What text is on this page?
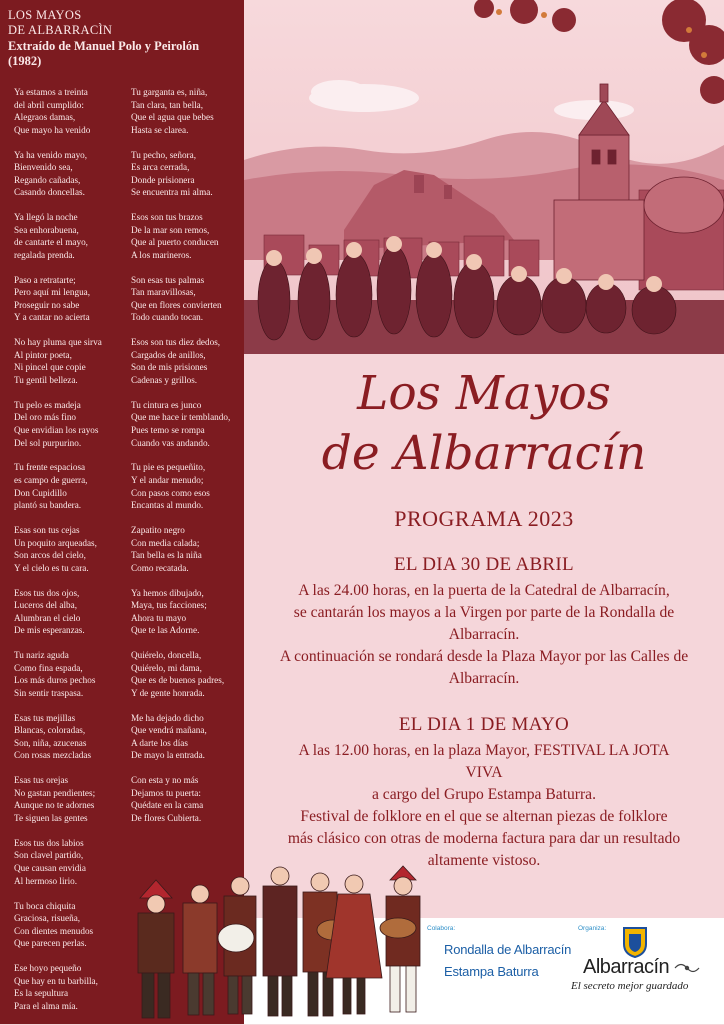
LOS MAYOS
DE ALBARRACÌN
Extraído de Manuel Polo y Peirolón
(1982)
Ya estamos a treinta
del abril cumplido:
Alegraos damas,
Que mayo ha venido
Ya ha venido mayo,
Bienvenido sea,
Regando cañadas,
Casando doncellas.
Ya llegó la noche
Sea enhorabuena,
de cantarte el mayo,
regalada prenda.
Paso a retratarte;
Pero aquí mi lengua,
Proseguir no sabe
Y a cantar no acierta
No hay pluma que sirva
Al pintor poeta,
Ni pincel que copie
Tu gentil belleza.
Tu pelo es madeja
Del oro más fino
Que envidian los rayos
Del sol purpurino.
Tu frente espaciosa
es campo de guerra,
Don Cupidillo
plantó su bandera.
Esas son tus cejas
Un poquito arqueadas,
Son arcos del cielo,
Y el cielo es tu cara.
Esos tus dos ojos,
Luceros del alba,
Alumbran el cielo
De mis esperanzas.
Tu nariz aguda
Como fina espada,
Los más duros pechos
Sin sentir traspasa.
Esas tus mejillas
Blancas, coloradas,
Son, niña, azucenas
Con rosas mezcladas
Esas tus orejas
No gastan pendientes;
Aunque no te adornes
Te siguen las gentes
Esos tus dos labios
Son clavel partido,
Que causan envidia
Al hermoso lirio.
Tu boca chiquita
Graciosa, risueña,
Con dientes menudos
Que parecen perlas.
Ese hoyo pequeño
Que hay en tu barbilla,
Es la sepultura
Para el alma mía.
Tu garganta es, niña,
Tan clara, tan bella,
Que el agua que bebes
Hasta se clarea.
Tu pecho, señora,
Es arca cerrada,
Donde prisionera
Se encuentra mi alma.
Esos son tus brazos
De la mar son remos,
Que al puerto conducen
A los marineros.
Son esas tus palmas
Tan maravillosas,
Que en flores convierten
Todo cuando tocan.
Esos son tus diez dedos,
Cargados de anillos,
Son de mis prisiones
Cadenas y grillos.
Tu cintura es junco
Que me hace ir temblando,
Pues temo se rompa
Cuando vas andando.
Tu pie es pequeñito,
Y el andar menudo;
Con pasos como esos
Encantas al mundo.
Zapatito negro
Con media calada;
Tan bella es la niña
Como recatada.
Ya hemos dibujado,
Maya, tus facciones;
Ahora tu mayo
Que te las Adorne.
Quiérelo, doncella,
Quiérelo, mi dama,
Que es de buenos padres,
Y de gente honrada.
Me ha dejado dicho
Que vendrá mañana,
A darte los días
De mayo la entrada.
Con esta y no más
Dejamos tu puerta:
Quédate en la cama
De flores Cubierta.
Los Mayos
de Albarracín
PROGRAMA 2023
EL DIA 30 DE ABRIL
A las 24.00 horas, en la puerta de la Catedral de Albarracín,
se cantarán los mayos a la Virgen por parte de la Rondalla de
Albarracín.
A continuación se rondará desde la Plaza Mayor por las Calles de
Albarracín.
EL DIA 1 DE MAYO
A las 12.00 horas, en la plaza Mayor, FESTIVAL LA JOTA
VIVA
a cargo del Grupo Estampa Baturra.
Festival de folklore en el que se alternan piezas de folklore
más clásico con otras de moderna factura para dar un resultado
altamente vistoso.
Colabora:
Rondalla de Albarracín
Estampa Baturra
Organiza:
Albarracín
El secreto mejor guardado
